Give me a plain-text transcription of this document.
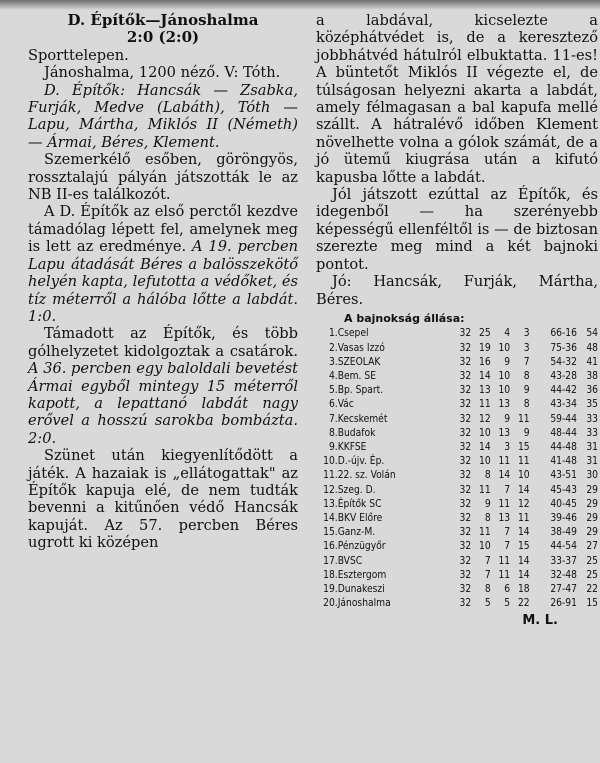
D. Építők—Jánoshalma

2:0 (2:0)

Sporttelepen.

Jánoshalma, 1200 néző. V: Tóth.

D. Építők: Hancsák — Zsabka, Furják, Medve (Labáth), Tóth — Lapu, Mártha, Miklós II (Németh) — Ármai, Béres, Klement.

Szemerkélő esőben, göröngyös, rossztalajú pályán játszották le az NB II-es találkozót.

A D. Építők az első perctől kezdve támadólag lépett fel, amelynek meg is lett az eredménye. A 19. percben Lapu átadását Béres a balösszekötő helyén kapta, lefutotta a védőket, és tíz méterről a hálóba lőtte a labdát. 1:0.

Támadott az Építők, és több gólhelyzetet kidolgoztak a csatárok. A 36. percben egy baloldali bevetést Ármai egyből mintegy 15 méterről kapott, a lepattanó labdát nagy erővel a hosszú sarokba bombázta. 2:0.

Szünet után kiegyenlítődött a játék. A hazaiak is „ellátogattak" az Építők kapuja elé, de nem tudták bevenni a kitűnően védő Hancsák kapuját. Az 57. percben Béres ugrott ki középen

a labdával, kicselezte a középhátvédet is, de a keresztező jobbhátvéd hátulról elbuktatta. 11-es! A büntetőt Miklós II végezte el, de túlságosan helyezni akarta a labdát, amely félmagasan a bal kapufa mellé szállt. A hátralévő időben Klement növelhette volna a gólok számát, de a jó ütemű kiugrása után a kifutó kapusba lőtte a labdát.

Jól játszott ezúttal az Építők, és idegenből — ha szerényebb képességű ellenféltől is — de biztosan szerezte meg mind a két bajnoki pontot.

Jó: Hancsák, Furják, Mártha, Béres.

A bajnokság állása:
1.	Csepel	32	25	4	3	66-16	54
2.	Vasas Izzó	32	19	10	3	75-36	48
3.	SZEOLAK	32	16	9	7	54-32	41
4.	Bem. SE	32	14	10	8	43-28	38
5.	Bp. Spart.	32	13	10	9	44-42	36
6.	Vác	32	11	13	8	43-34	35
7.	Kecskemét	32	12	9	11	59-44	33
8.	Budafok	32	10	13	9	48-44	33
9.	KKFSE	32	14	3	15	44-48	31
10.	D.-újv. Ép.	32	10	11	11	41-48	31
11.	22. sz. Volán	32	8	14	10	43-51	30
12.	Szeg. D.	32	11	7	14	45-43	29
13.	Építők SC	32	9	11	12	40-45	29
14.	BKV Előre	32	8	13	11	39-46	29
15.	Ganz-M.	32	11	7	14	38-49	29
16.	Pénzügyőr	32	10	7	15	44-54	27
17.	BVSC	32	7	11	14	33-37	25
18.	Esztergom	32	7	11	14	32-48	25
19.	Dunakeszi	32	8	6	18	27-47	22
20.	Jánoshalma	32	5	5	22	26-91	15
M. L.
